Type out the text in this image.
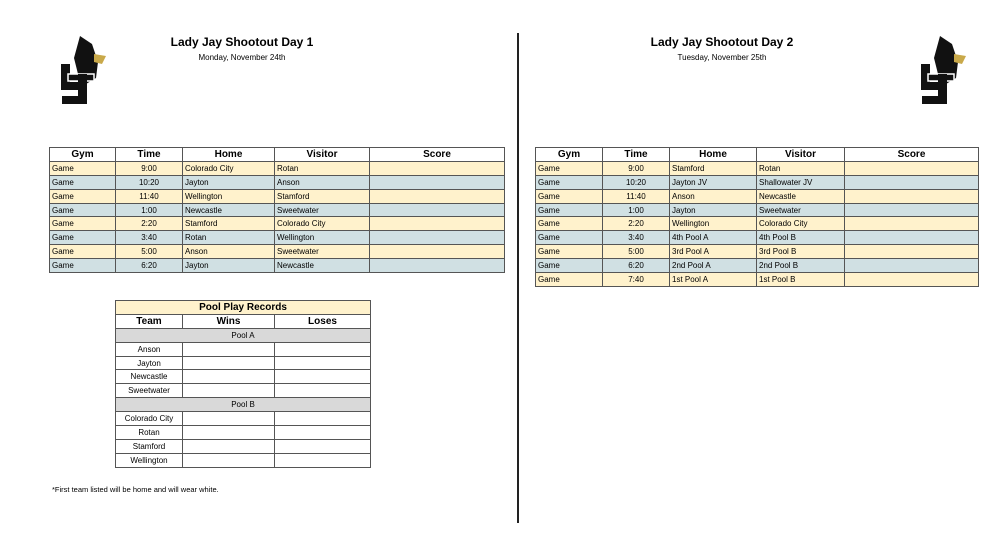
Lady Jay Shootout Day 1
Monday, November 24th
Lady Jay Shootout Day 2
Tuesday, November 25th
Gym	Time	Home	Visitor	Score
Game	9:00	Colorado City	Rotan	
Game	10:20	Jayton	Anson	
Game	11:40	Wellington	Stamford	
Game	1:00	Newcastle	Sweetwater	
Game	2:20	Stamford	Colorado City	
Game	3:40	Rotan	Wellington	
Game	5:00	Anson	Sweetwater	
Game	6:20	Jayton	Newcastle	
Gym	Time	Home	Visitor	Score
Game	9:00	Stamford	Rotan	
Game	10:20	Jayton JV	Shallowater JV	
Game	11:40	Anson	Newcastle	
Game	1:00	Jayton	Sweetwater	
Game	2:20	Wellington	Colorado City	
Game	3:40	4th Pool A	4th Pool B	
Game	5:00	3rd Pool A	3rd Pool B	
Game	6:20	2nd Pool A	2nd Pool B	
Game	7:40	1st Pool A	1st Pool B	
Pool Play Records		
Team	Wins	Loses
Pool A		
Anson		
Jayton		
Newcastle		
Sweetwater		
Pool B		
Colorado City		
Rotan		
Stamford		
Wellington		
*First team listed will be home and will wear white.
